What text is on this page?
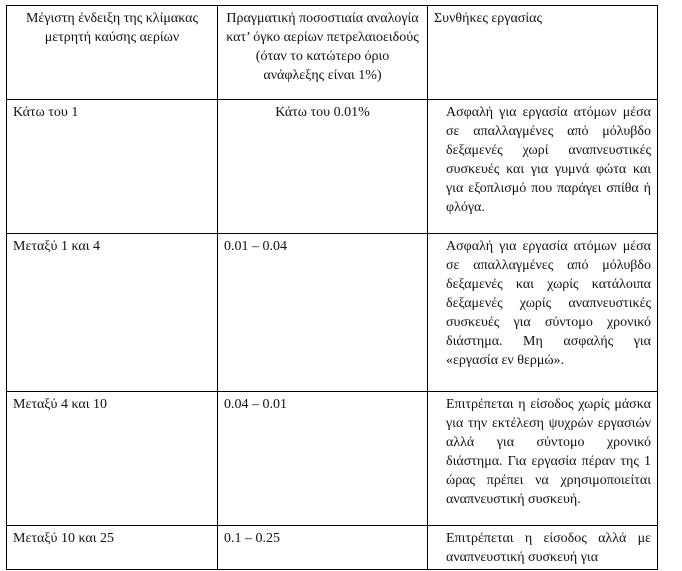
Μέγιστη ένδειξη της κλίμακας μετρητή καύσης αερίων	Πραγματική ποσοστιαία αναλογία κατ’ όγκο αερίων πετρελαιοειδούς (όταν το κατώτερο όριο ανάφλεξης είναι 1%)	Συνθήκες εργασίας
Κάτω του 1	Κάτω του 0.01%	Ασφαλή για εργασία ατόμων μέσα σε απαλλαγμένες από μόλυβδο δεξαμενές χωρί αναπνευστικές συσκευές και για γυμνά φώτα και για εξοπλισμό που παράγει σπίθα ή φλόγα.
Μεταξύ 1 και 4	0.01 – 0.04	Ασφαλή για εργασία ατόμων μέσα σε απαλλαγμένες από μόλυβδο δεξαμενές και χωρίς κατάλοιπα δεξαμενές χωρίς αναπνευστικές συσκευές για σύντομο χρονικό διάστημα. Μη ασφαλής για «εργασία εν θερμώ».
Μεταξύ 4 και 10	0.04 – 0.01	Επιτρέπεται η είσοδος χωρίς μάσκα για την εκτέλεση ψυχρών εργασιών αλλά για σύντομο χρονικό διάστημα. Για εργασία πέραν της 1 ώρας πρέπει να χρησιμοποιείται αναπνευστική συσκευή.
Μεταξύ 10 και 25	0.1 – 0.25	Επιτρέπεται η είσοδος αλλά με αναπνευστική συσκευή για
